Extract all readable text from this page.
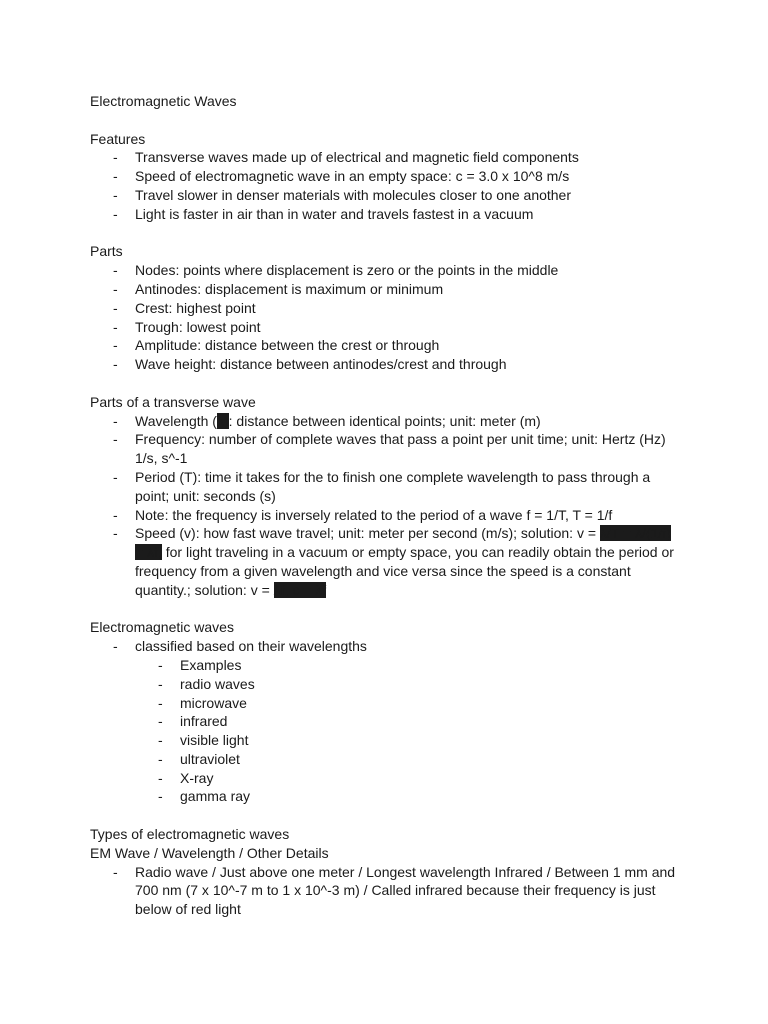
Electromagnetic Waves

Features

- Transverse waves made up of electrical and magnetic field components
- Speed of electromagnetic wave in an empty space: c = 3.0 x 10^8 m/s
- Travel slower in denser materials with molecules closer to one another
- Light is faster in air than in water and travels fastest in a vacuum

Parts

- Nodes: points where displacement is zero or the points in the middle
- Antinodes: displacement is maximum or minimum
- Crest: highest point
- Trough: lowest point
- Amplitude: distance between the crest or through
- Wave height: distance between antinodes/crest and through

Parts of a transverse wave

- Wavelength (λ): distance between identical points; unit: meter (m)
- Frequency: number of complete waves that pass a point per unit time; unit: Hertz (Hz) 1/s, s^-1
- Period (T): time it takes for the to finish one complete wavelength to pass through a point; unit: seconds (s)
- Note: the frequency is inversely related to the period of a wave f = 1/T, T = 1/f
- Speed (v): how fast wave travel; unit: meter per second (m/s); solution: v = λ/T = λ/(1/f) = λf, for light traveling in a vacuum or empty space, you can readily obtain the period or frequency from a given wavelength and vice versa since the speed is a constant quantity.; solution: v = λf, c = λf

Electromagnetic waves

- classified based on their wavelengths
- Examples
- radio waves
- microwave
- infrared
- visible light
- ultraviolet
- X-ray
- gamma ray

Types of electromagnetic waves

EM Wave / Wavelength / Other Details

- Radio wave / Just above one meter / Longest wavelength Infrared / Between 1 mm and 700 nm (7 x 10^-7 m to 1 x 10^-3 m) / Called infrared because their frequency is just below of red light
